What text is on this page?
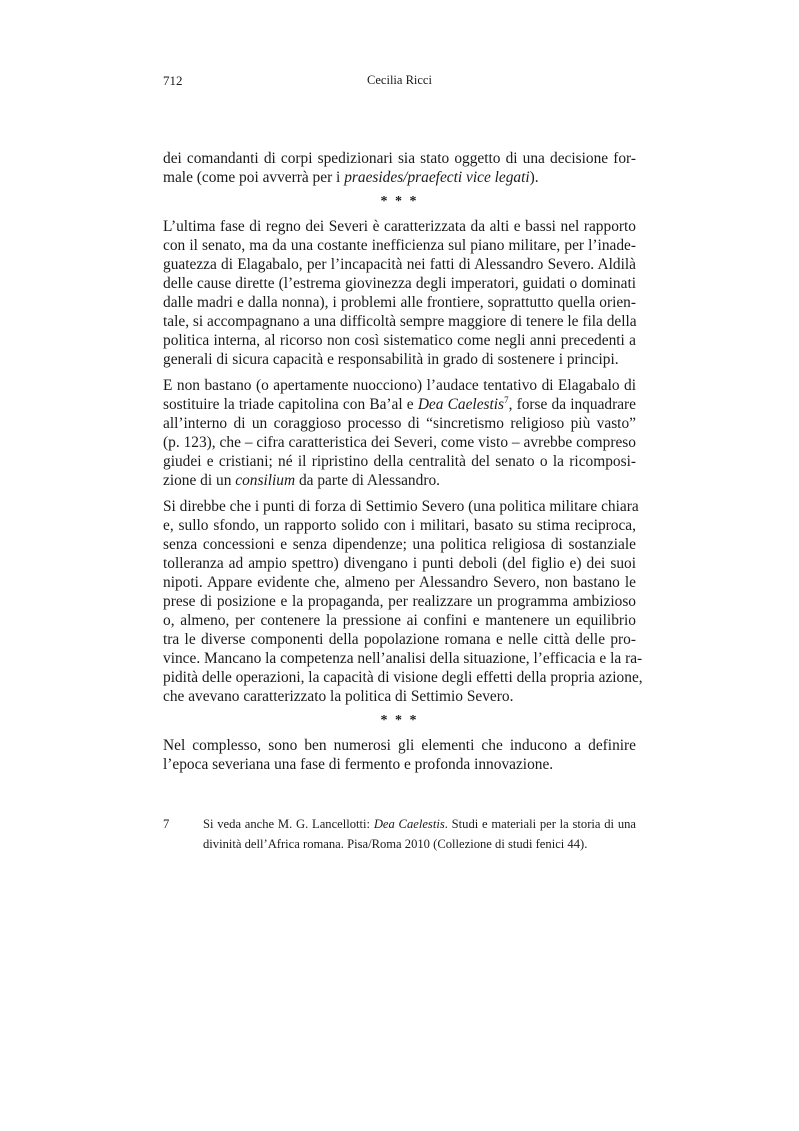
712	Cecilia Ricci
dei comandanti di corpi spedizionari sia stato oggetto di una decisione for-
male (come poi avverrà per i praesides/praefecti vice legati).
* * *
L’ultima fase di regno dei Severi è caratterizzata da alti e bassi nel rapporto
con il senato, ma da una costante inefficienza sul piano militare, per l’inade-
guatezza di Elagabalo, per l’incapacità nei fatti di Alessandro Severo. Aldilà
delle cause dirette (l’estrema giovinezza degli imperatori, guidati o dominati
dalle madri e dalla nonna), i problemi alle frontiere, soprattutto quella orien-
tale, si accompagnano a una difficoltà sempre maggiore di tenere le fila della
politica interna, al ricorso non così sistematico come negli anni precedenti a
generali di sicura capacità e responsabilità in grado di sostenere i principi.
E non bastano (o apertamente nuocciono) l’audace tentativo di Elagabalo di
sostituire la triade capitolina con Ba’al e Dea Caelestis$^7$, forse da inquadrare
all’interno di un coraggioso processo di “sincretismo religioso più vasto”
(p. 123), che – cifra caratteristica dei Severi, come visto – avrebbe compreso
giudei e cristiani; né il ripristino della centralità del senato o la ricomposi-
zione di un consilium da parte di Alessandro.
Si direbbe che i punti di forza di Settimio Severo (una politica militare chiara
e, sullo sfondo, un rapporto solido con i militari, basato su stima reciproca,
senza concessioni e senza dipendenze; una politica religiosa di sostanziale
tolleranza ad ampio spettro) divengano i punti deboli (del figlio e) dei suoi
nipoti. Appare evidente che, almeno per Alessandro Severo, non bastano le
prese di posizione e la propaganda, per realizzare un programma ambizioso
o, almeno, per contenere la pressione ai confini e mantenere un equilibrio
tra le diverse componenti della popolazione romana e nelle città delle pro-
vince. Mancano la competenza nell’analisi della situazione, l’efficacia e la ra-
pidità delle operazioni, la capacità di visione degli effetti della propria azione,
che avevano caratterizzato la politica di Settimio Severo.
* * *
Nel complesso, sono ben numerosi gli elementi che inducono a definire
l’epoca severiana una fase di fermento e profonda innovazione.
7	Si veda anche M. G. Lancellotti: Dea Caelestis. Studi e materiali per la storia di una
divinità dell’Africa romana. Pisa/Roma 2010 (Collezione di studi fenici 44).
